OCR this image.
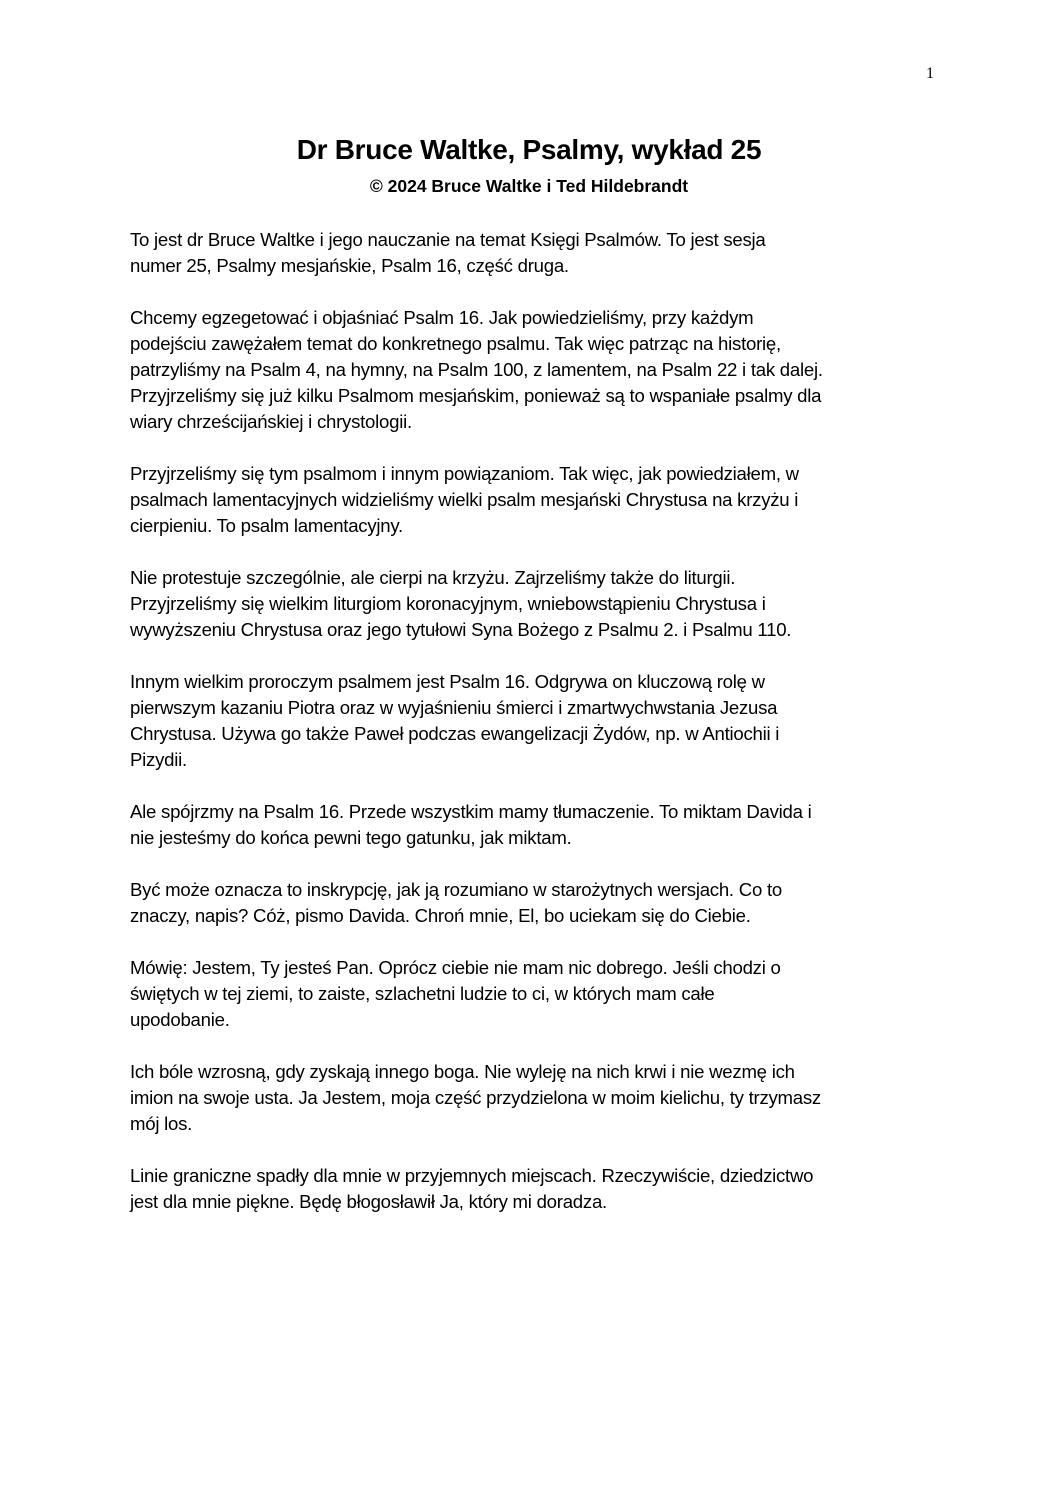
1
Dr Bruce Waltke, Psalmy, wykład 25
© 2024 Bruce Waltke i Ted Hildebrandt

To jest dr Bruce Waltke i jego nauczanie na temat Księgi Psalmów. To jest sesja
numer 25, Psalmy mesjańskie, Psalm 16, część druga.

Chcemy egzegetować i objaśniać Psalm 16. Jak powiedzieliśmy, przy każdym
podejściu zawężałem temat do konkretnego psalmu. Tak więc patrząc na historię,
patrzyliśmy na Psalm 4, na hymny, na Psalm 100, z lamentem, na Psalm 22 i tak dalej.
Przyjrzeliśmy się już kilku Psalmom mesjańskim, ponieważ są to wspaniałe psalmy dla
wiary chrześcijańskiej i chrystologii.

Przyjrzeliśmy się tym psalmom i innym powiązaniom. Tak więc, jak powiedziałem, w
psalmach lamentacyjnych widzieliśmy wielki psalm mesjański Chrystusa na krzyżu i
cierpieniu. To psalm lamentacyjny.

Nie protestuje szczególnie, ale cierpi na krzyżu. Zajrzeliśmy także do liturgii.
Przyjrzeliśmy się wielkim liturgiom koronacyjnym, wniebowstąpieniu Chrystusa i
wywyższeniu Chrystusa oraz jego tytułowi Syna Bożego z Psalmu 2. i Psalmu 110.

Innym wielkim proroczym psalmem jest Psalm 16. Odgrywa on kluczową rolę w
pierwszym kazaniu Piotra oraz w wyjaśnieniu śmierci i zmartwychwstania Jezusa
Chrystusa. Używa go także Paweł podczas ewangelizacji Żydów, np. w Antiochii i
Pizydii.

Ale spójrzmy na Psalm 16. Przede wszystkim mamy tłumaczenie. To miktam Davida i
nie jesteśmy do końca pewni tego gatunku, jak miktam.

Być może oznacza to inskrypcję, jak ją rozumiano w starożytnych wersjach. Co to
znaczy, napis? Cóż, pismo Davida. Chroń mnie, El, bo uciekam się do Ciebie.

Mówię: Jestem, Ty jesteś Pan. Oprócz ciebie nie mam nic dobrego. Jeśli chodzi o
świętych w tej ziemi, to zaiste, szlachetni ludzie to ci, w których mam całe
upodobanie.

Ich bóle wzrosną, gdy zyskają innego boga. Nie wyleję na nich krwi i nie wezmę ich
imion na swoje usta. Ja Jestem, moja część przydzielona w moim kielichu, ty trzymasz
mój los.

Linie graniczne spadły dla mnie w przyjemnych miejscach. Rzeczywiście, dziedzictwo
jest dla mnie piękne. Będę błogosławił Ja, który mi doradza.
